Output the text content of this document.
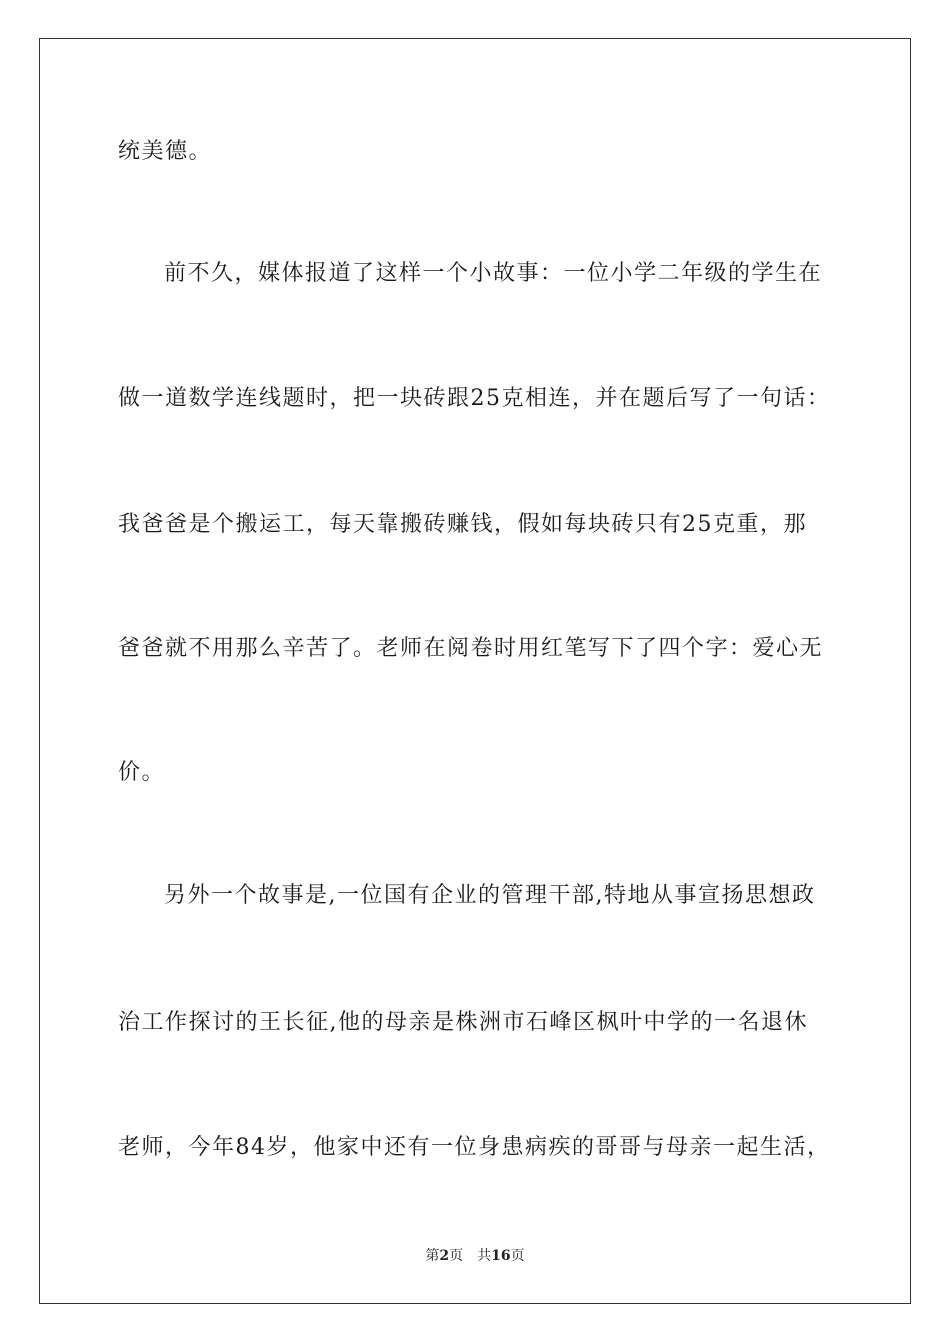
统美德。
前不久，媒体报道了这样一个小故事：一位小学二年级的学生在
做一道数学连线题时，把一块砖跟25克相连，并在题后写了一句话：
我爸爸是个搬运工，每天靠搬砖赚钱，假如每块砖只有25克重，那
爸爸就不用那么辛苦了。老师在阅卷时用红笔写下了四个字：爱心无
价。
另外一个故事是,一位国有企业的管理干部,特地从事宣扬思想政
治工作探讨的王长征,他的母亲是株洲市石峰区枫叶中学的一名退休
老师，今年84岁，他家中还有一位身患病疾的哥哥与母亲一起生活，
第2页 共16页
